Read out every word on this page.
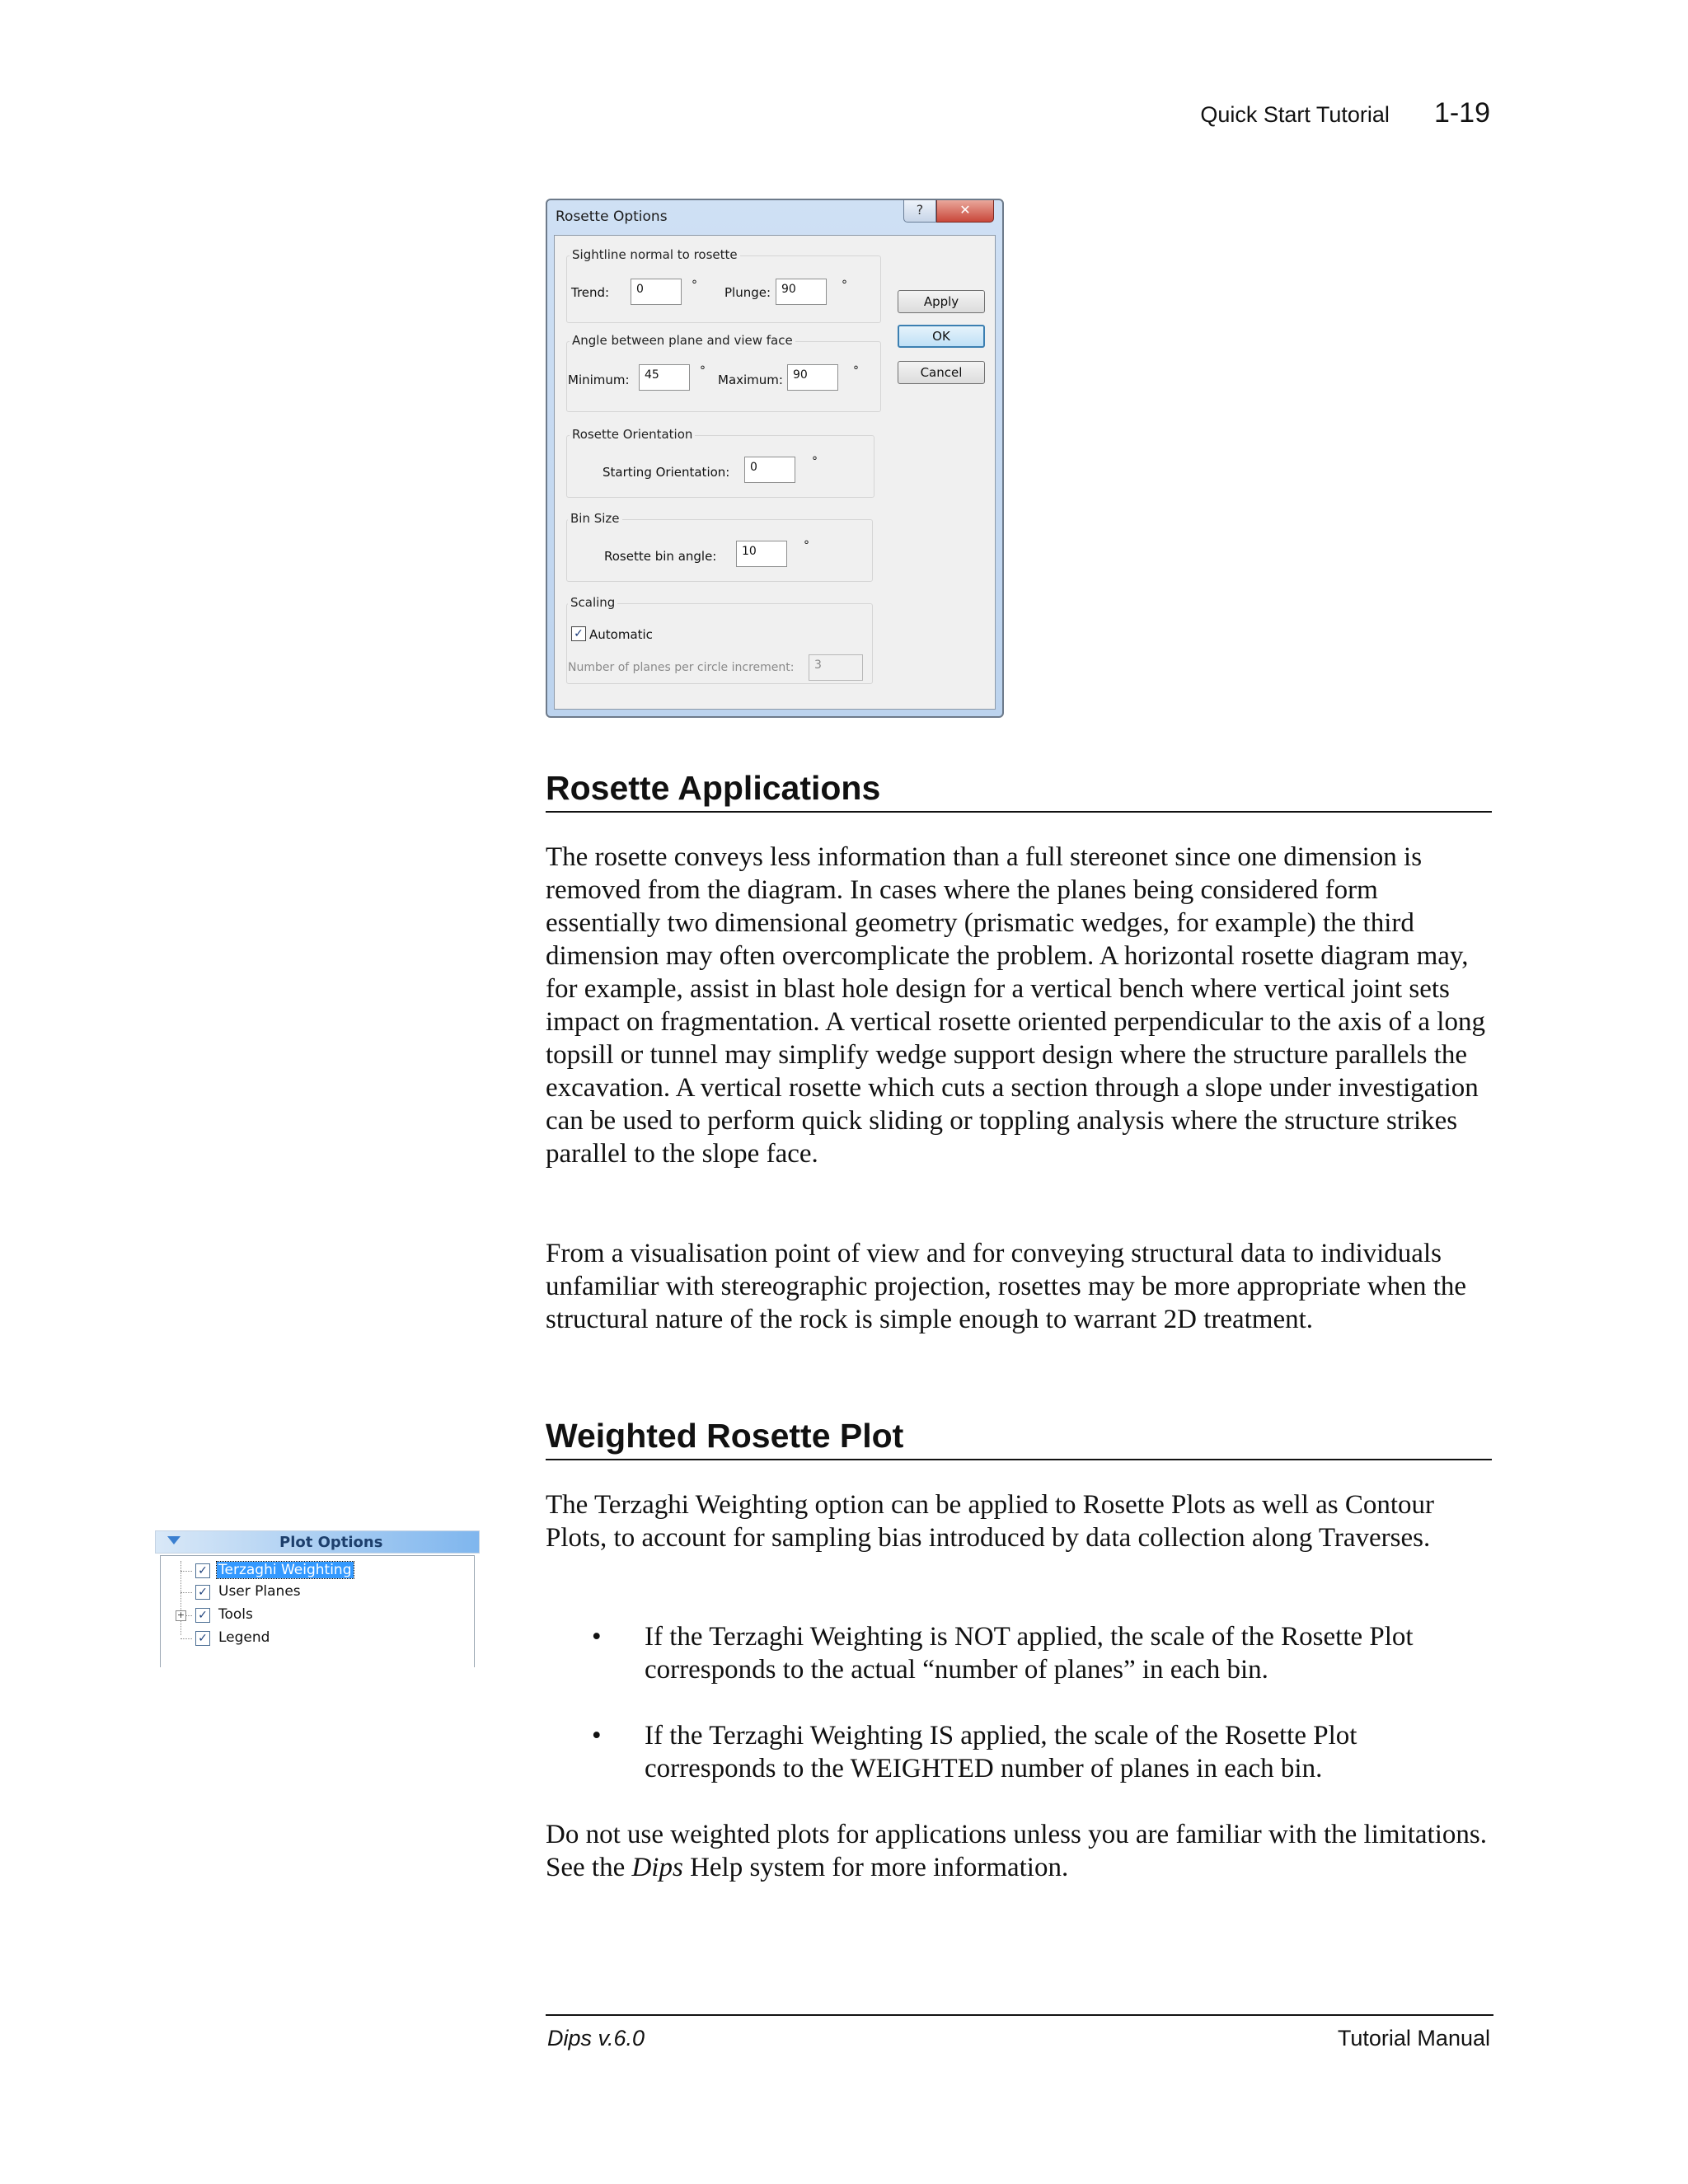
Quick Start Tutorial 1-19
Rosette Options	?	✕
Sightline normal to rosette
Trend:	0	° Plunge: 90	°
Angle between plane and view face
Minimum:	45	°
Maximum: 90	°
Rosette Orientation
Starting Orientation:	0	°
Bin Size
Rosette bin angle:	10	°
Scaling
✓ Automatic
Number of planes per circle increment:	3
Apply
OK
Cancel
Rosette Applications

The rosette conveys less information than a full stereonet since one dimension is removed from the diagram. In cases where the planes being considered form essentially two dimensional geometry (prismatic wedges, for example) the third dimension may often overcomplicate the problem. A horizontal rosette diagram may, for example, assist in blast hole design for a vertical bench where vertical joint sets impact on fragmentation. A vertical rosette oriented perpendicular to the axis of a long topsill or tunnel may simplify wedge support design where the structure parallels the excavation. A vertical rosette which cuts a section through a slope under investigation can be used to perform quick sliding or toppling analysis where the structure strikes parallel to the slope face.

From a visualisation point of view and for conveying structural data to individuals unfamiliar with stereographic projection, rosettes may be more appropriate when the structural nature of the rock is simple enough to warrant 2D treatment.

Weighted Rosette Plot

The Terzaghi Weighting option can be applied to Rosette Plots as well as Contour Plots, to account for sampling bias introduced by data collection along Traverses.

• If the Terzaghi Weighting is NOT applied, the scale of the Rosette Plot corresponds to the actual “number of planes” in each bin.

• If the Terzaghi Weighting IS applied, the scale of the Rosette Plot corresponds to the WEIGHTED number of planes in each bin.

Do not use weighted plots for applications unless you are familiar with the limitations. See the Dips Help system for more information.

Plot Options
✓ Terzaghi Weighting
✓ User Planes
+ ✓ Tools
✓ Legend
Dips v.6.0	Tutorial Manual
